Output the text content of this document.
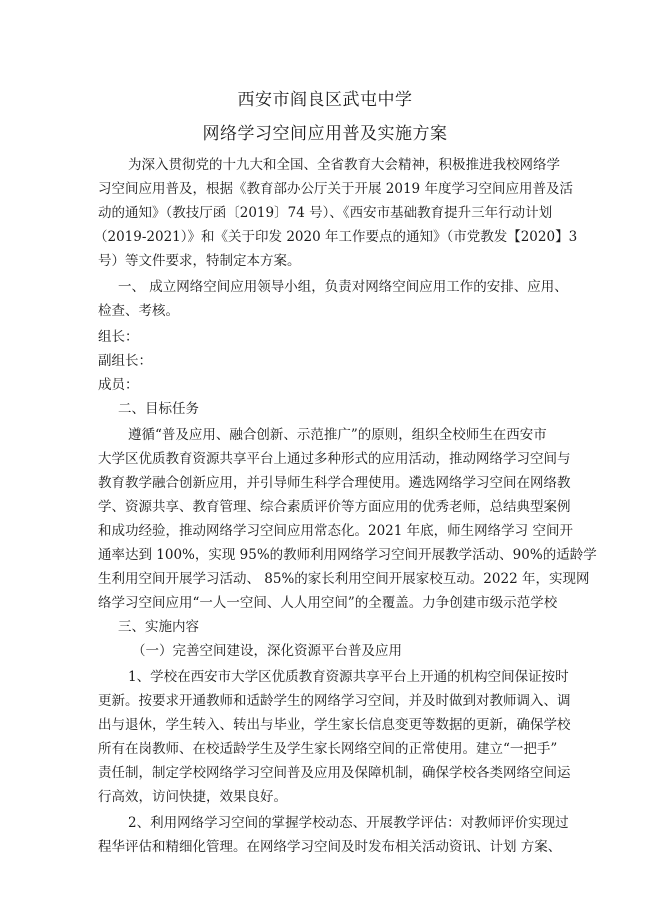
西安市阎良区武屯中学
网络学习空间应用普及实施方案
为深入贯彻党的十九大和全国、全省教育大会精神，积极推进我校网络学
习空间应用普及，根据《教育部办公厅关于开展 2019 年度学习空间应用普及活
动的通知》（教技厅函〔2019〕74 号）、《西安市基础教育提升三年行动计划
（2019-2021）》和《关于印发 2020 年工作要点的通知》（市党教发【2020】3
号）等文件要求，特制定本方案。
一、 成立网络空间应用领导小组，负责对网络空间应用工作的安排、应用、
检查、考核。
组长：
副组长：
成员：
二、目标任务
遵循“普及应用、融合创新、示范推广”的原则，组织全校师生在西安市
大学区优质教育资源共享平台上通过多种形式的应用活动，推动网络学习空间与
教育教学融合创新应用，并引导师生科学合理使用。遴选网络学习空间在网络教
学、资源共享、教育管理、综合素质评价等方面应用的优秀老师，总结典型案例
和成功经验，推动网络学习空间应用常态化。2021 年底，师生网络学习 空间开
通率达到 100%，实现 95%的教师利用网络学习空间开展教学活动、90%的适龄学
生利用空间开展学习活动、 85%的家长利用空间开展家校互动。2022 年，实现网
络学习空间应用“一人一空间、人人用空间”的全覆盖。力争创建市级示范学校
三、实施内容
（一）完善空间建设，深化资源平台普及应用
1、学校在西安市大学区优质教育资源共享平台上开通的机构空间保证按时
更新。按要求开通教师和适龄学生的网络学习空间，并及时做到对教师调入、调
出与退休，学生转入、转出与毕业，学生家长信息变更等数据的更新，确保学校
所有在岗教师、在校适龄学生及学生家长网络空间的正常使用。建立“一把手”
责任制，制定学校网络学习空间普及应用及保障机制，确保学校各类网络空间运
行高效，访问快捷，效果良好。
2、利用网络学习空间的掌握学校动态、开展教学评估：对教师评价实现过
程华评估和精细化管理。在网络学习空间及时发布相关活动资讯、计划 方案、
